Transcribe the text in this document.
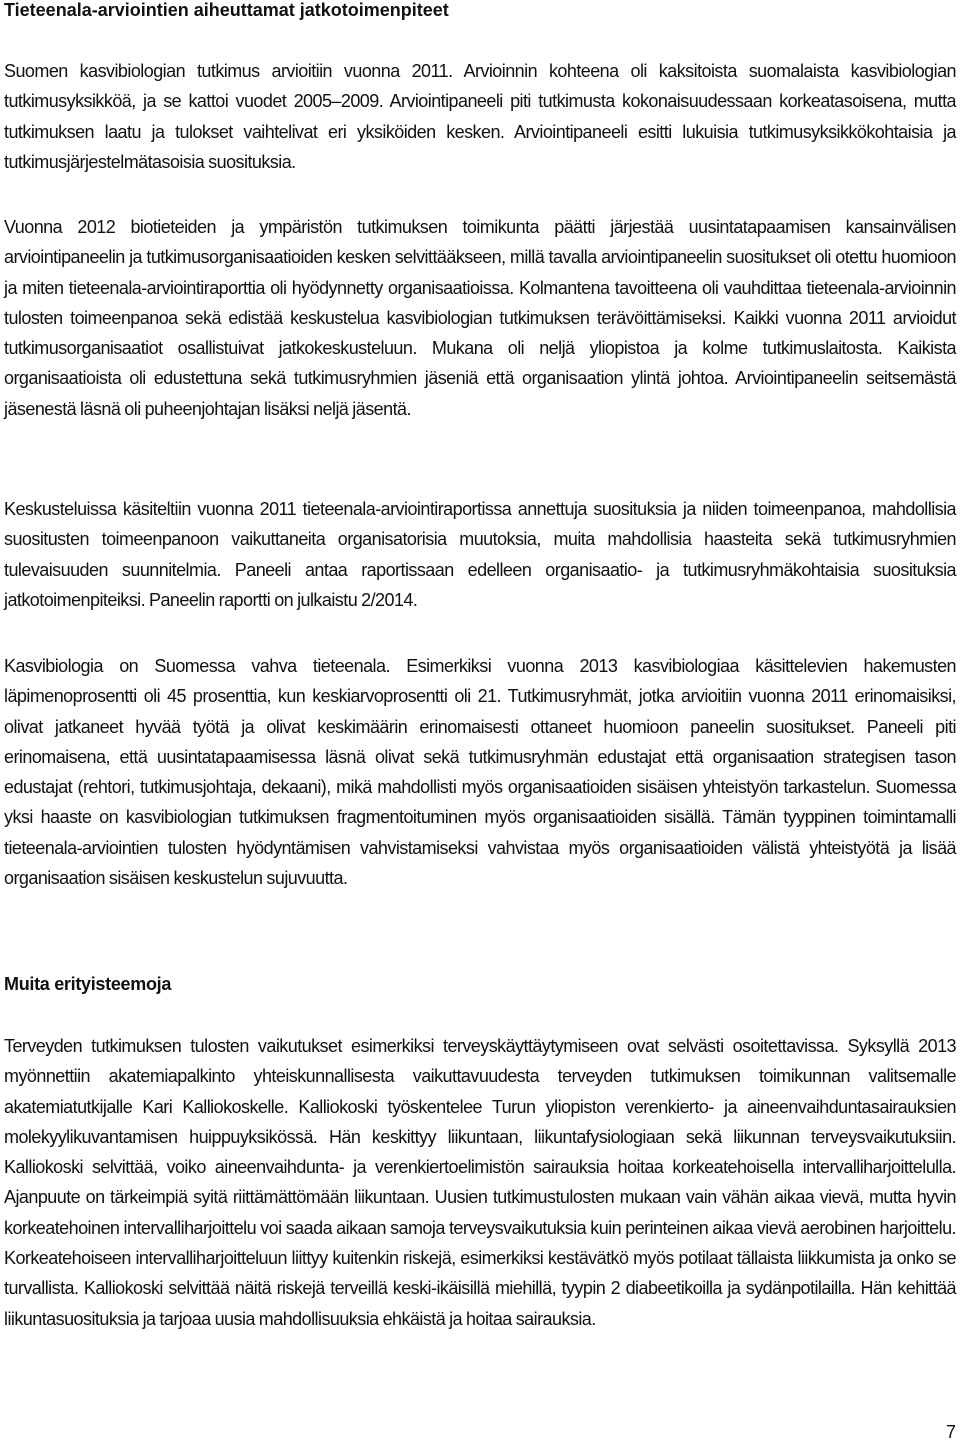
Tieteenala-arviointien aiheuttamat jatkotoimenpiteet

Suomen kasvibiologian tutkimus arvioitiin vuonna 2011. Arvioinnin kohteena oli kaksitoista suomalaista kasvibiologian tutkimusyksikköä, ja se kattoi vuodet 2005–2009. Arviointipaneeli piti tutkimusta kokonaisuudessaan korkeatasoisena, mutta tutkimuksen laatu ja tulokset vaihtelivat eri yksiköiden kesken. Arviointipaneeli esitti lukuisia tutkimusyksikkökohtaisia ja tutkimusjärjestelmätasoisia suosituksia.

Vuonna 2012 biotieteiden ja ympäristön tutkimuksen toimikunta päätti järjestää uusintatapaamisen kansainvälisen arviointipaneelin ja tutkimusorganisaatioiden kesken selvittääkseen, millä tavalla arviointipaneelin suositukset oli otettu huomioon ja miten tieteenala-arviointiraporttia oli hyödynnetty organisaatioissa. Kolmantena tavoitteena oli vauhdittaa tieteenala-arvioinnin tulosten toimeenpanoa sekä edistää keskustelua kasvibiologian tutkimuksen terävöittämiseksi. Kaikki vuonna 2011 arvioidut tutkimusorganisaatiot osallistuivat jatkokeskusteluun. Mukana oli neljä yliopistoa ja kolme tutkimuslaitosta. Kaikista organisaatioista oli edustettuna sekä tutkimusryhmien jäseniä että organisaation ylintä johtoa. Arviointipaneelin seitsemästä jäsenestä läsnä oli puheenjohtajan lisäksi neljä jäsentä.

Keskusteluissa käsiteltiin vuonna 2011 tieteenala-arviointiraportissa annettuja suosituksia ja niiden toimeenpanoa, mahdollisia suositusten toimeenpanoon vaikuttaneita organisatorisia muutoksia, muita mahdollisia haasteita sekä tutkimusryhmien tulevaisuuden suunnitelmia. Paneeli antaa raportissaan edelleen organisaatio- ja tutkimusryhmäkohtaisia suosituksia jatkotoimenpiteiksi. Paneelin raportti on julkaistu 2/2014.

Kasvibiologia on Suomessa vahva tieteenala. Esimerkiksi vuonna 2013 kasvibiologiaa käsittelevien hakemusten läpimenoprosentti oli 45 prosenttia, kun keskiarvoprosentti oli 21. Tutkimusryhmät, jotka arvioitiin vuonna 2011 erinomaisiksi, olivat jatkaneet hyvää työtä ja olivat keskimäärin erinomaisesti ottaneet huomioon paneelin suositukset. Paneeli piti erinomaisena, että uusintatapaamisessa läsnä olivat sekä tutkimusryhmän edustajat että organisaation strategisen tason edustajat (rehtori, tutkimusjohtaja, dekaani), mikä mahdollisti myös organisaatioiden sisäisen yhteistyön tarkastelun. Suomessa yksi haaste on kasvibiologian tutkimuksen fragmentoituminen myös organisaatioiden sisällä. Tämän tyyppinen toimintamalli tieteenala-arviointien tulosten hyödyntämisen vahvistamiseksi vahvistaa myös organisaatioiden välistä yhteistyötä ja lisää organisaation sisäisen keskustelun sujuvuutta.

Muita erityisteemoja

Terveyden tutkimuksen tulosten vaikutukset esimerkiksi terveyskäyttäytymiseen ovat selvästi osoitettavissa. Syksyllä 2013 myönnettiin akatemiapalkinto yhteiskunnallisesta vaikuttavuudesta terveyden tutkimuksen toimikunnan valitsemalle akatemiatutkijalle Kari Kalliokoskelle. Kalliokoski työskentelee Turun yliopiston verenkierto- ja aineenvaihduntasairauksien molekyylikuvantamisen huippuyksikössä. Hän keskittyy liikuntaan, liikuntafysiologiaan sekä liikunnan terveysvaikutuksiin. Kalliokoski selvittää, voiko aineenvaihdunta- ja verenkiertoelimistön sairauksia hoitaa korkeatehoisella intervalliharjoittelulla. Ajanpuute on tärkeimpiä syitä riittämättömään liikuntaan. Uusien tutkimustulosten mukaan vain vähän aikaa vievä, mutta hyvin korkeatehoinen intervalliharjoittelu voi saada aikaan samoja terveysvaikutuksia kuin perinteinen aikaa vievä aerobinen harjoittelu. Korkeatehoiseen intervalliharjoitteluun liittyy kuitenkin riskejä, esimerkiksi kestävätkö myös potilaat tällaista liikkumista ja onko se turvallista. Kalliokoski selvittää näitä riskejä terveillä keski-ikäisillä miehillä, tyypin 2 diabeetikoilla ja sydänpotilailla. Hän kehittää liikuntasuosituksia ja tarjoaa uusia mahdollisuuksia ehkäistä ja hoitaa sairauksia.

7
